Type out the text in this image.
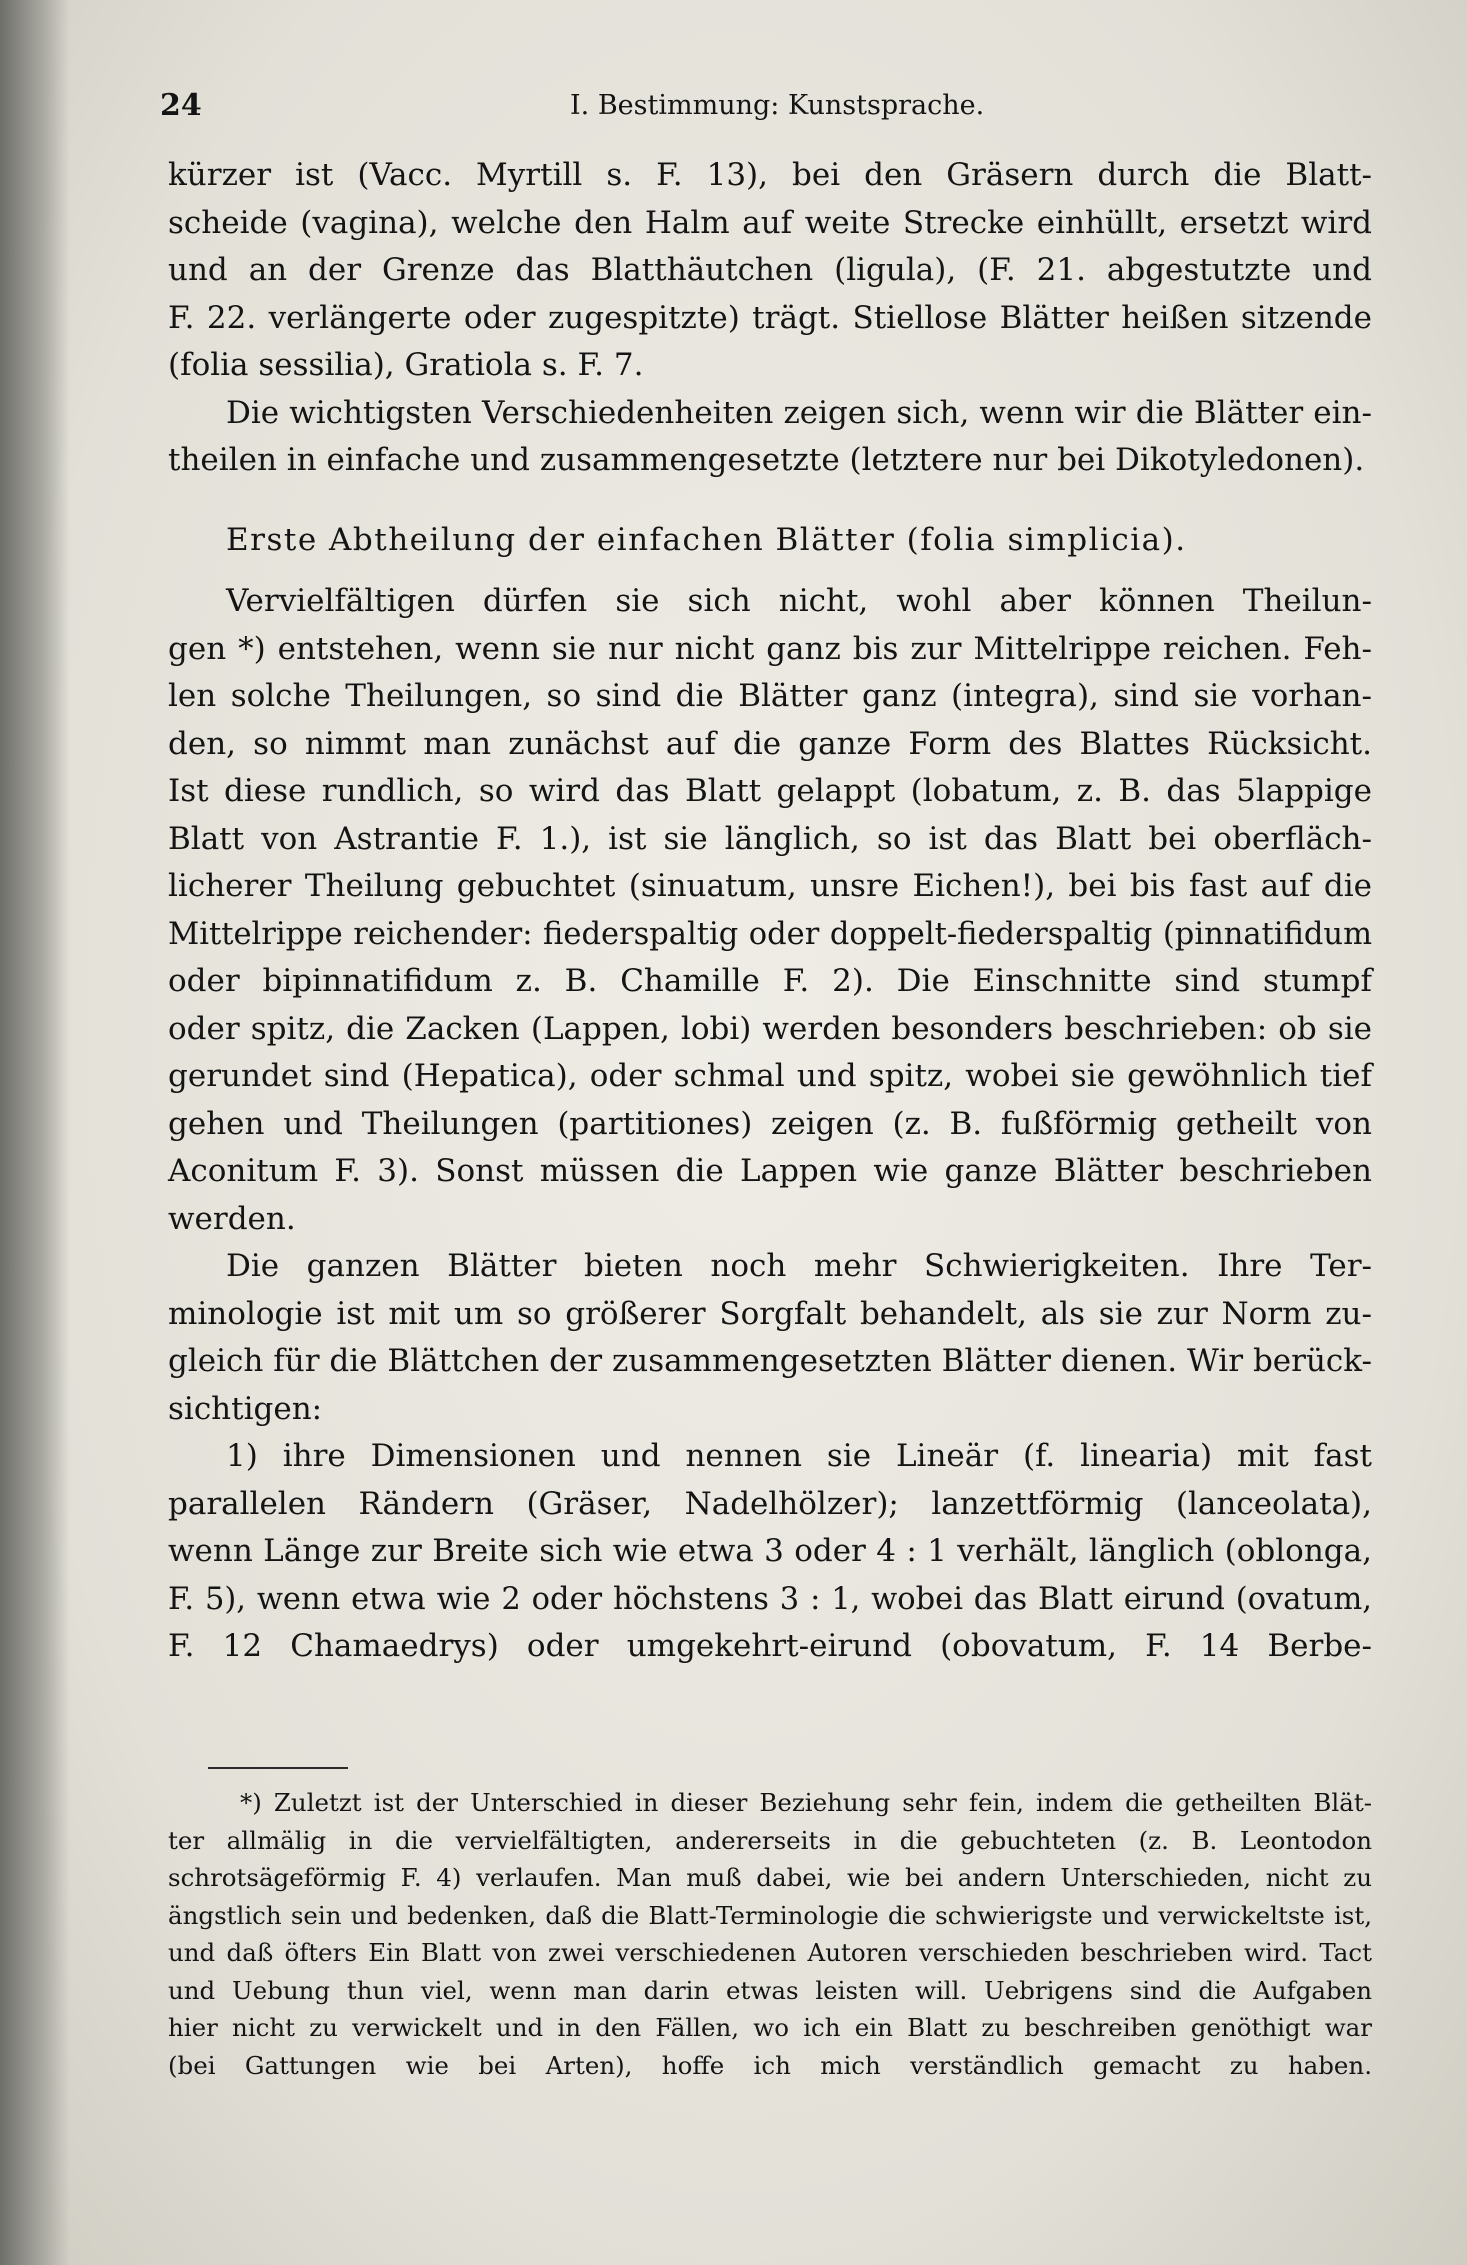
24	I. Bestimmung: Kunstsprache.

kürzer ist (Vacc. Myrtill s. F. 13), bei den Gräsern durch die Blatt-

scheide (vagina), welche den Halm auf weite Strecke einhüllt, ersetzt wird

und an der Grenze das Blatthäutchen (ligula), (F. 21. abgestutzte und

F. 22. verlängerte oder zugespitzte) trägt. Stiellose Blätter heißen sitzende

(folia sessilia), Gratiola s. F. 7.

Die wichtigsten Verschiedenheiten zeigen sich, wenn wir die Blätter ein-

theilen in einfache und zusammengesetzte (letztere nur bei Dikotyledonen).

Erste Abtheilung der einfachen Blätter (folia simplicia).

Vervielfältigen dürfen sie sich nicht, wohl aber können Theilun-

gen *) entstehen, wenn sie nur nicht ganz bis zur Mittelrippe reichen. Feh-

len solche Theilungen, so sind die Blätter ganz (integra), sind sie vorhan-

den, so nimmt man zunächst auf die ganze Form des Blattes Rücksicht.

Ist diese rundlich, so wird das Blatt gelappt (lobatum, z. B. das 5lappige

Blatt von Astrantie F. 1.), ist sie länglich, so ist das Blatt bei oberfläch-

licherer Theilung gebuchtet (sinuatum, unsre Eichen!), bei bis fast auf die

Mittelrippe reichender: fiederspaltig oder doppelt-fiederspaltig (pinnatifidum

oder bipinnatifidum z. B. Chamille F. 2). Die Einschnitte sind stumpf

oder spitz, die Zacken (Lappen, lobi) werden besonders beschrieben: ob sie

gerundet sind (Hepatica), oder schmal und spitz, wobei sie gewöhnlich tief

gehen und Theilungen (partitiones) zeigen (z. B. fußförmig getheilt von

Aconitum F. 3). Sonst müssen die Lappen wie ganze Blätter beschrieben

werden.

Die ganzen Blätter bieten noch mehr Schwierigkeiten. Ihre Ter-

minologie ist mit um so größerer Sorgfalt behandelt, als sie zur Norm zu-

gleich für die Blättchen der zusammengesetzten Blätter dienen. Wir berück-

sichtigen:

1) ihre Dimensionen und nennen sie Lineär (f. linearia) mit fast

parallelen Rändern (Gräser, Nadelhölzer); lanzettförmig (lanceolata),

wenn Länge zur Breite sich wie etwa 3 oder 4 : 1 verhält, länglich (oblonga,

F. 5), wenn etwa wie 2 oder höchstens 3 : 1, wobei das Blatt eirund (ovatum,

F. 12 Chamaedrys) oder umgekehrt-eirund (obovatum, F. 14 Berbe-

*) Zuletzt ist der Unterschied in dieser Beziehung sehr fein, indem die getheilten Blät-

ter allmälig in die vervielfältigten, andererseits in die gebuchteten (z. B. Leontodon

schrotsägeförmig F. 4) verlaufen. Man muß dabei, wie bei andern Unterschieden, nicht zu

ängstlich sein und bedenken, daß die Blatt-Terminologie die schwierigste und verwickeltste ist,

und daß öfters Ein Blatt von zwei verschiedenen Autoren verschieden beschrieben wird. Tact

und Uebung thun viel, wenn man darin etwas leisten will. Uebrigens sind die Aufgaben

hier nicht zu verwickelt und in den Fällen, wo ich ein Blatt zu beschreiben genöthigt war

(bei Gattungen wie bei Arten), hoffe ich mich verständlich gemacht zu haben.
